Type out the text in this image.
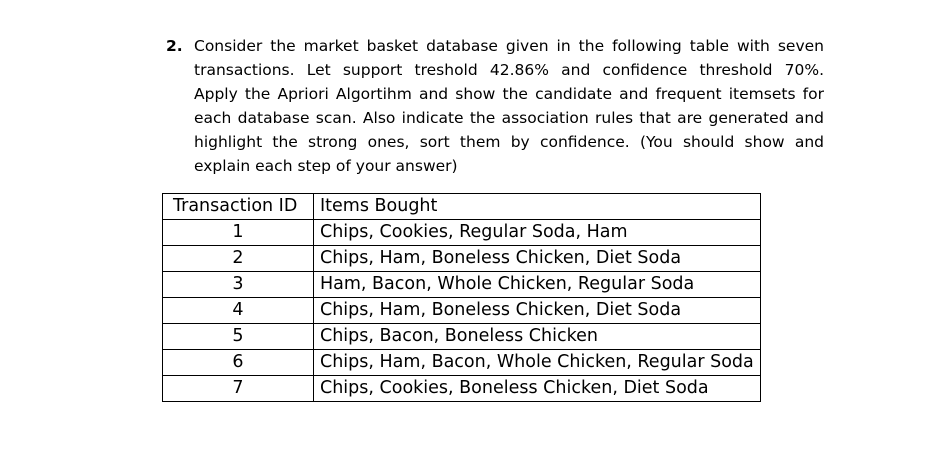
2. Consider the market basket database given in the following table with seven
transactions. Let support treshold 42.86% and confidence threshold 70%.
Apply the Apriori Algortihm and show the candidate and frequent itemsets for
each database scan. Also indicate the association rules that are generated and
highlight the strong ones, sort them by confidence. (You should show and
explain each step of your answer)
Transaction ID	Items Bought
1	Chips, Cookies, Regular Soda, Ham
2	Chips, Ham, Boneless Chicken, Diet Soda
3	Ham, Bacon, Whole Chicken, Regular Soda
4	Chips, Ham, Boneless Chicken, Diet Soda
5	Chips, Bacon, Boneless Chicken
6	Chips, Ham, Bacon, Whole Chicken, Regular Soda
7	Chips, Cookies, Boneless Chicken, Diet Soda
